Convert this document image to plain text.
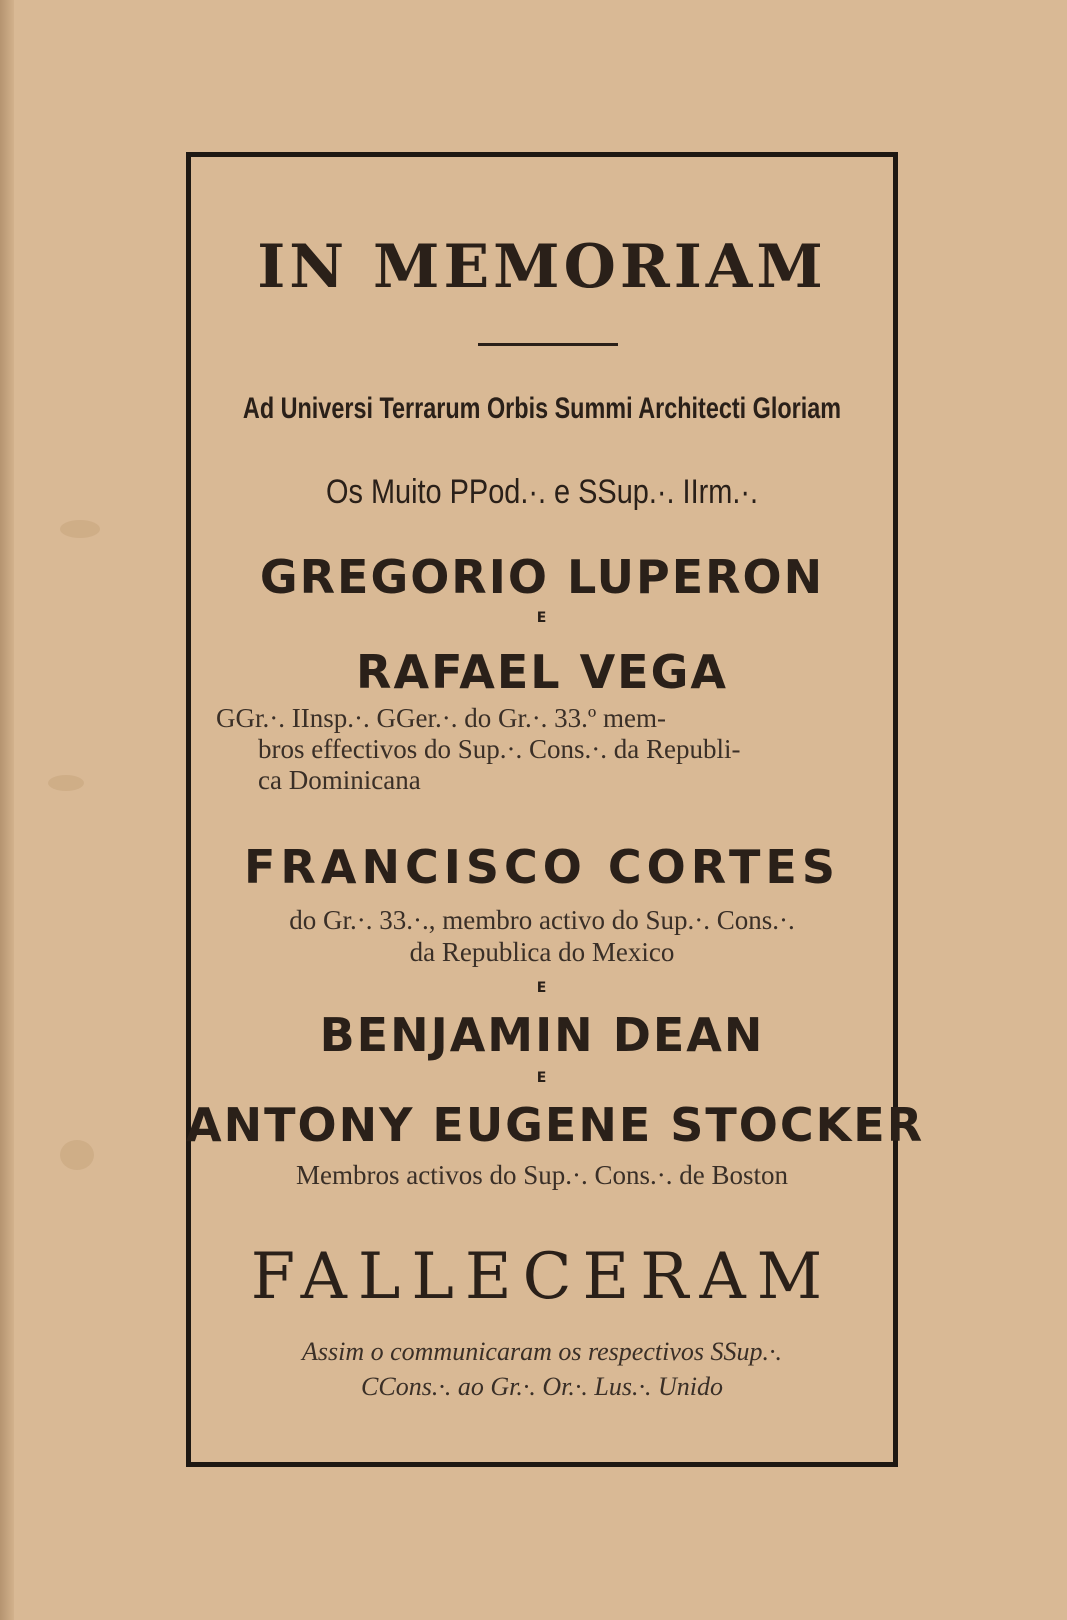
IN MEMORIAM
Ad Universi Terrarum Orbis Summi Architecti Gloriam
Os Muito PPod.·. e SSup.·. IIrm.·.
GREGORIO LUPERON
E
RAFAEL VEGA
GGr.·. IInsp.·. GGer.·. do Gr.·. 33.º mem-
bros effectivos do Sup.·. Cons.·. da Republi-
ca Dominicana
FRANCISCO CORTES
do Gr.·. 33.·., membro activo do Sup.·. Cons.·.
da Republica do Mexico
E
BENJAMIN DEAN
E
ANTONY EUGENE STOCKER
Membros activos do Sup.·. Cons.·. de Boston
FALLECERAM
Assim o communicaram os respectivos SSup.·.
CCons.·. ao Gr.·. Or.·. Lus.·. Unido
